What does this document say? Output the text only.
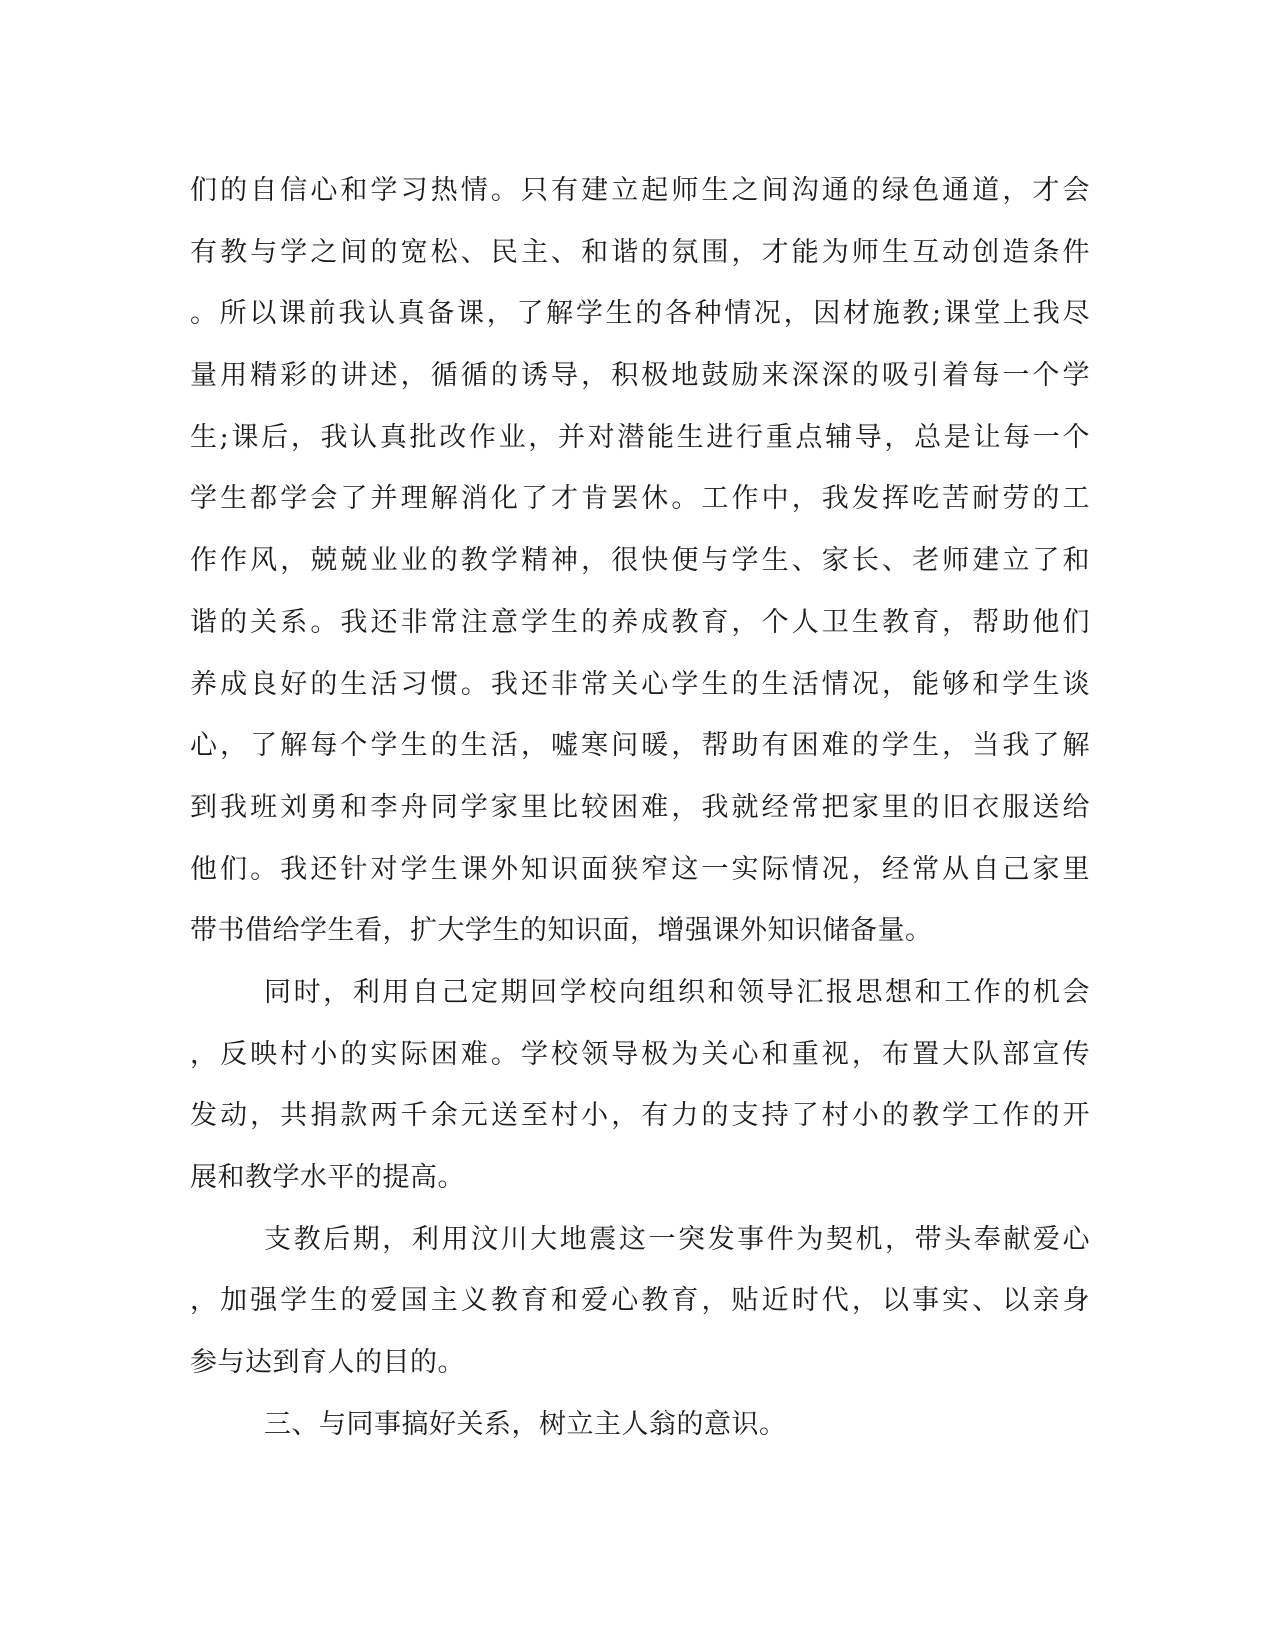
们的自信心和学习热情。只有建立起师生之间沟通的绿色通道，才会
有教与学之间的宽松、民主、和谐的氛围，才能为师生互动创造条件
。所以课前我认真备课，了解学生的各种情况，因材施教;课堂上我尽
量用精彩的讲述，循循的诱导，积极地鼓励来深深的吸引着每一个学
生;课后，我认真批改作业，并对潜能生进行重点辅导，总是让每一个
学生都学会了并理解消化了才肯罢休。工作中，我发挥吃苦耐劳的工
作作风，兢兢业业的教学精神，很快便与学生、家长、老师建立了和
谐的关系。我还非常注意学生的养成教育，个人卫生教育，帮助他们
养成良好的生活习惯。我还非常关心学生的生活情况，能够和学生谈
心，了解每个学生的生活，嘘寒问暖，帮助有困难的学生，当我了解
到我班刘勇和李舟同学家里比较困难，我就经常把家里的旧衣服送给
他们。我还针对学生课外知识面狭窄这一实际情况，经常从自己家里
带书借给学生看，扩大学生的知识面，增强课外知识储备量。
同时，利用自己定期回学校向组织和领导汇报思想和工作的机会
，反映村小的实际困难。学校领导极为关心和重视，布置大队部宣传
发动，共捐款两千余元送至村小，有力的支持了村小的教学工作的开
展和教学水平的提高。
支教后期，利用汶川大地震这一突发事件为契机，带头奉献爱心
，加强学生的爱国主义教育和爱心教育，贴近时代，以事实、以亲身
参与达到育人的目的。
三、与同事搞好关系，树立主人翁的意识。
